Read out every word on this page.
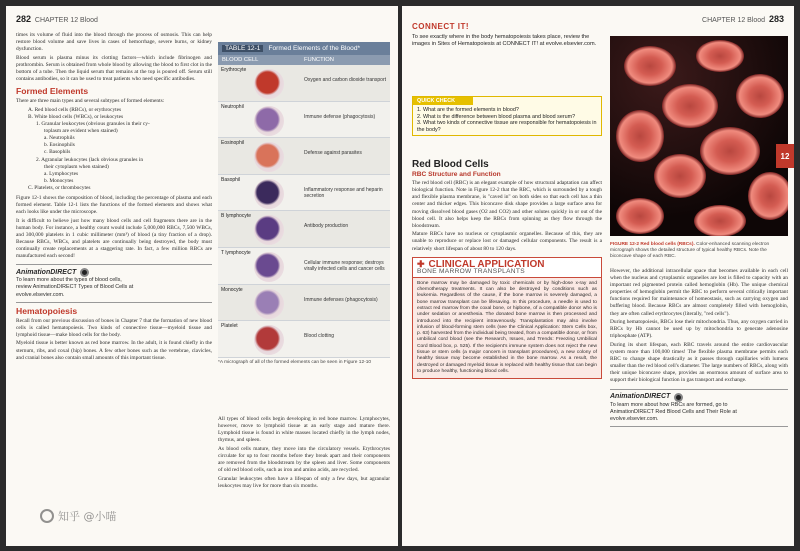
282 CHAPTER 12 Blood

times its volume of fluid into the blood through the process of osmosis. This can help restore blood volume and save lives in cases of hemorrhage, severe burns, or kidney dysfunction.

Blood serum is plasma minus its clotting factors—which include fibrinogen and prothrombin. Serum is obtained from whole blood by allowing the blood to first clot in the bottom of a tube. Then the liquid serum that remains at the top is poured off. Serum still contains antibodies, so it can be used to treat patients who need specific antibodies.

Formed Elements

There are three main types and several subtypes of formed elements:

A. Red blood cells (RBCs), or erythrocytes
B. White blood cells (WBCs), or leukocytes
1. Granular leukocytes (obvious granules in their cy-
toplasm are evident when stained)
a. Neutrophils
b. Eosinophils
c. Basophils
2. Agranular leukocytes (lack obvious granules in
their cytoplasm when stained)
a. Lymphocytes
b. Monocytes
C. Platelets, or thrombocytes

Figure 12-1 shows the composition of blood, including the percentage of plasma and each formed element. Table 12-1 lists the functions of the formed elements and shows what each looks like under the microscope.

It is difficult to believe just how many blood cells and cell fragments there are in the human body. For instance, a healthy count would include 5,000,000 RBCs, 7,500 WBCs, and 300,000 platelets in 1 cubic millimeter (mm³) of blood (a tiny fraction of a drop). Because RBCs, WBCs, and platelets are continually being destroyed, the body must continually create replacements at a staggering rate. In fact, a few million RBCs are manufactured each second!

AnimationDIRECT
To learn more about the types of blood cells,
review AnimationDIRECT Types of Blood Cells at
evolve.elsevier.com.
Hematopoiesis

Recall from our previous discussion of bones in Chapter 7 that the formation of new blood cells is called hematopoiesis. Two kinds of connective tissue—myeloid tissue and lymphoid tissue—make blood cells for the body.

Myeloid tissue is better known as red bone marrow. In the adult, it is found chiefly in the sternum, ribs, and coxal (hip) bones. A few other bones such as the vertebrae, clavicles, and cranial bones also contain small amounts of this important tissue.

TABLE 12-1	Formed Elements of the Blood*
BLOOD CELL	FUNCTION
Erythrocyte
Oxygen and carbon dioxide transport
Neutrophil
Immune defense (phagocytosis)
Eosinophil
Defense against parasites
Basophil
Inflammatory response and heparin secretion
B lymphocyte
Antibody production
T lymphocyte
Cellular immune response; destroys virally infected cells and cancer cells
Monocyte
Immune defenses (phagocytosis)
Platelet
Blood clotting
*A micrograph of all of the formed elements can be seen in Figure 12-10

All types of blood cells begin developing in red bone marrow. Lymphocytes, however, move to lymphoid tissue at an early stage and mature there. Lymphoid tissue is found in white masses located chiefly in the lymph nodes, thymus, and spleen.

As blood cells mature, they move into the circulatory vessels. Erythrocytes circulate for up to four months before they break apart and their components are removed from the bloodstream by the spleen and liver. Some components of old red blood cells, such as iron and amino acids, are recycled.

Granular leukocytes often have a lifespan of only a few days, but agranular leukocytes may live for more than six months.

知乎 @小喵
CHAPTER 12 Blood 283
CONNECT IT!
To see exactly where in the body hematopoiesis takes place, review the images in Sites of Hematopoiesis at CONNECT IT! at evolve.elsevier.com.
QUICK CHECK
1. What are the formed elements in blood?
2. What is the difference between blood plasma and blood serum?
3. What two kinds of connective tissue are responsible for hematopoiesis in the body?
Red Blood Cells
RBC Structure and Function

The red blood cell (RBC) is an elegant example of how structural adaptation can affect biological function. Note in Figure 12-2 that the RBC, which is surrounded by a tough and flexible plasma membrane, is "caved in" on both sides so that each cell has a thin center and thicker edges. This biconcave disk shape provides a large surface area for moving dissolved blood gases (O2 and CO2) and other solutes quickly in or out of the blood cell. It also helps keep the RBCs from spinning as they flow through the bloodstream.

Mature RBCs have no nucleus or cytoplasmic organelles. Because of this, they are unable to reproduce or replace lost or damaged cellular components. The result is a relatively short lifespan of about 80 to 120 days.

✚ CLINICAL APPLICATION
BONE MARROW TRANSPLANTS
Bone marrow may be damaged by toxic chemicals or by high-dose x-ray and chemotherapy treatments. It can also be destroyed by conditions such as leukemia. Regardless of the cause, if the bone marrow is severely damaged, a bone marrow transplant can be lifesaving. In this procedure, a needle is used to extract red marrow from the coxal bone, or hipbone, of a compatible donor who is under sedation or anesthesia. The donated bone marrow is then processed and introduced into the recipient intravenously. Transplantation may also involve infusion of blood-forming stem cells (see the Clinical Application: Stem Cells box, p. 63) harvested from the individual being treated, from a compatible donor, or from umbilical cord blood (see the Research, Issues, and Trends: Freezing Umbilical Cord Blood box, p. 525). If the recipient's immune system does not reject the new tissue or stem cells (a major concern in transplant procedures), a new colony of healthy tissue may become established in the bone marrow. As a result, the destroyed or damaged myeloid tissue is replaced with healthy tissue that can begin to produce healthy, functioning blood cells.
12
FIGURE 12-2 Red blood cells (RBCs). Color-enhanced scanning electron micrograph shows the detailed structure of typical healthy RBCs. Note the biconcave shape of each RBC.

However, the additional intracellular space that becomes available in each cell when the nucleus and cytoplasmic organelles are lost is filled to capacity with an important red pigmented protein called hemoglobin (Hb). The unique chemical properties of hemoglobin permit the RBC to perform several critically important functions required for maintenance of homeostasis, such as carrying oxygen and buffering blood. Because RBCs are almost completely filled with hemoglobin, they are often called erythrocytes (literally, "red cells").

During hematopoiesis, RBCs lose their mitochondria. Thus, any oxygen carried in RBCs by Hb cannot be used up by mitochondria to generate adenosine triphosphate (ATP).

During its short lifespan, each RBC travels around the entire cardiovascular system more than 100,000 times! The flexible plasma membrane permits each RBC to change shape drastically as it passes through capillaries with lumens smaller than the red blood cell's diameter. The large numbers of RBCs, along with their unique biconcave shape, provides an enormous amount of surface area to support their biological function in gas transport and exchange.

AnimationDIRECT
To learn more about how RBCs are formed, go to
AnimationDIRECT Red Blood Cells and Their Role at
evolve.elsevier.com.
